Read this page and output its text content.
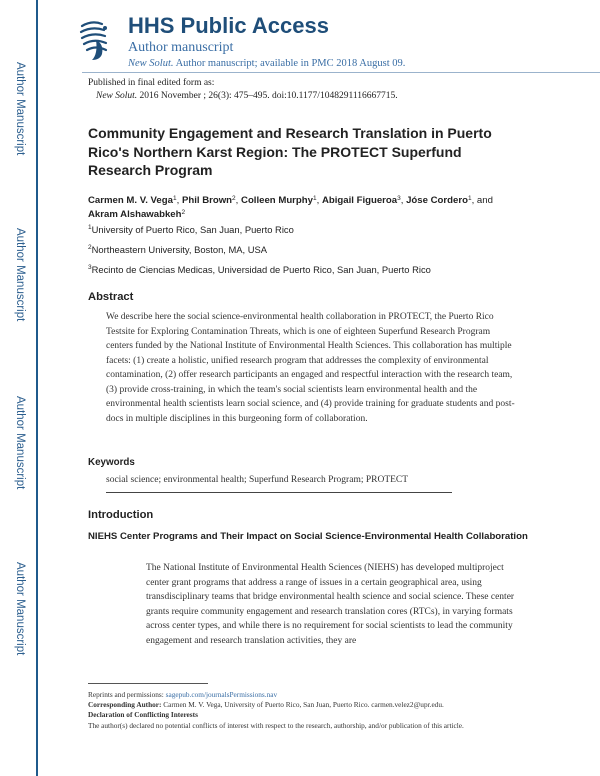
Author Manuscript
Author Manuscript
Author Manuscript
Author Manuscript
HHS Public Access
Author manuscript
New Solut. Author manuscript; available in PMC 2018 August 09.
Published in final edited form as:
New Solut. 2016 November ; 26(3): 475–495. doi:10.1177/1048291116667715.
Community Engagement and Research Translation in Puerto Rico's Northern Karst Region: The PROTECT Superfund Research Program
Carmen M. V. Vega$^1$, Phil Brown$^2$, Colleen Murphy$^1$, Abigail Figueroa$^3$, Jóse Cordero$^1$, and
Akram Alshawabkeh$^2$
$^1$University of Puerto Rico, San Juan, Puerto Rico
$^2$Northeastern University, Boston, MA, USA
$^3$Recinto de Ciencias Medicas, Universidad de Puerto Rico, San Juan, Puerto Rico
Abstract
We describe here the social science-environmental health collaboration in PROTECT, the Puerto Rico Testsite for Exploring Contamination Threats, which is one of eighteen Superfund Research Program centers funded by the National Institute of Environmental Health Sciences. This collaboration has multiple facets: (1) create a holistic, unified research program that addresses the complexity of environmental contamination, (2) offer research participants an engaged and respectful interaction with the research team, (3) provide cross-training, in which the team's social scientists learn environmental health and the environmental health scientists learn social science, and (4) provide training for graduate students and post-docs in multiple disciplines in this burgeoning form of collaboration.
Keywords
social science; environmental health; Superfund Research Program; PROTECT
Introduction
NIEHS Center Programs and Their Impact on Social Science-Environmental Health Collaboration
The National Institute of Environmental Health Sciences (NIEHS) has developed multiproject center grant programs that address a range of issues in a certain geographical area, using transdisciplinary teams that bridge environmental health science and social science. These center grants require community engagement and research translation cores (RTCs), in varying formats across center types, and while there is no requirement for social scientists to lead the community engagement and research translation activities, they are
Reprints and permissions: sagepub.com/journalsPermissions.nav
Corresponding Author: Carmen M. V. Vega, University of Puerto Rico, San Juan, Puerto Rico. carmen.velez2@upr.edu.
Declaration of Conflicting Interests
The author(s) declared no potential conflicts of interest with respect to the research, authorship, and/or publication of this article.
